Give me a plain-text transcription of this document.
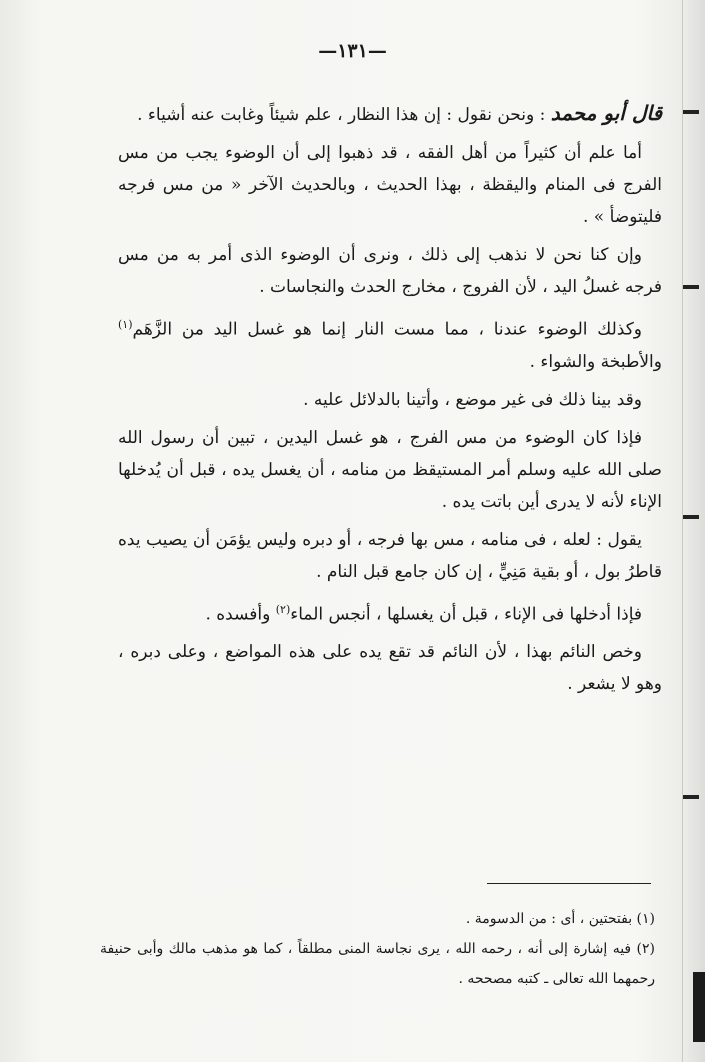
—١٣١—

قال أبو محمد : ونحن نقول : إن هذا النظار ، علم شيئاً وغابت عنه أشياء .

أما علم أن كثيراً من أهل الفقه ، قد ذهبوا إلى أن الوضوء يجب من مس الفرج فى المنام واليقظة ، بهذا الحديث ، وبالحديث الآخر « من مس فرجه فليتوضأ » .

وإن كنا نحن لا نذهب إلى ذلك ، ونرى أن الوضوء الذى أمر به من مس فرجه غسلُ اليد ، لأن الفروج ، مخارج الحدث والنجاسات .

وكذلك الوضوء عندنا ، مما مست النار إنما هو غسل اليد من الزَّهَم$^{(١)}$ والأطبخة والشواء .

وقد بينا ذلك فى غير موضع ، وأتينا بالدلائل عليه .

فإذا كان الوضوء من مس الفرج ، هو غسل اليدين ، تبين أن رسول الله صلى الله عليه وسلم أمر المستيقظ من منامه ، أن يغسل يده ، قبل أن يُدخلها الإناء لأنه لا يدرى أين باتت يده .

يقول : لعله ، فى منامه ، مس بها فرجه ، أو دبره وليس يؤمَن أن يصيب يده قاطرُ بول ، أو بقية مَنِيٍّ ، إن كان جامع قبل النام .

فإذا أدخلها فى الإناء ، قبل أن يغسلها ، أنجس الماء$^{(٢)}$ وأفسده .

وخص النائم بهذا ، لأن النائم قد تقع يده على هذه المواضع ، وعلى دبره ، وهو لا يشعر .

(١) بفتحتين ، أى : من الدسومة .

(٢) فيه إشارة إلى أنه ، رحمه الله ، يرى نجاسة المنى مطلقاً ، كما هو مذهب مالك وأبى حنيفة رحمهما الله تعالى ـ كتبه مصححه .
